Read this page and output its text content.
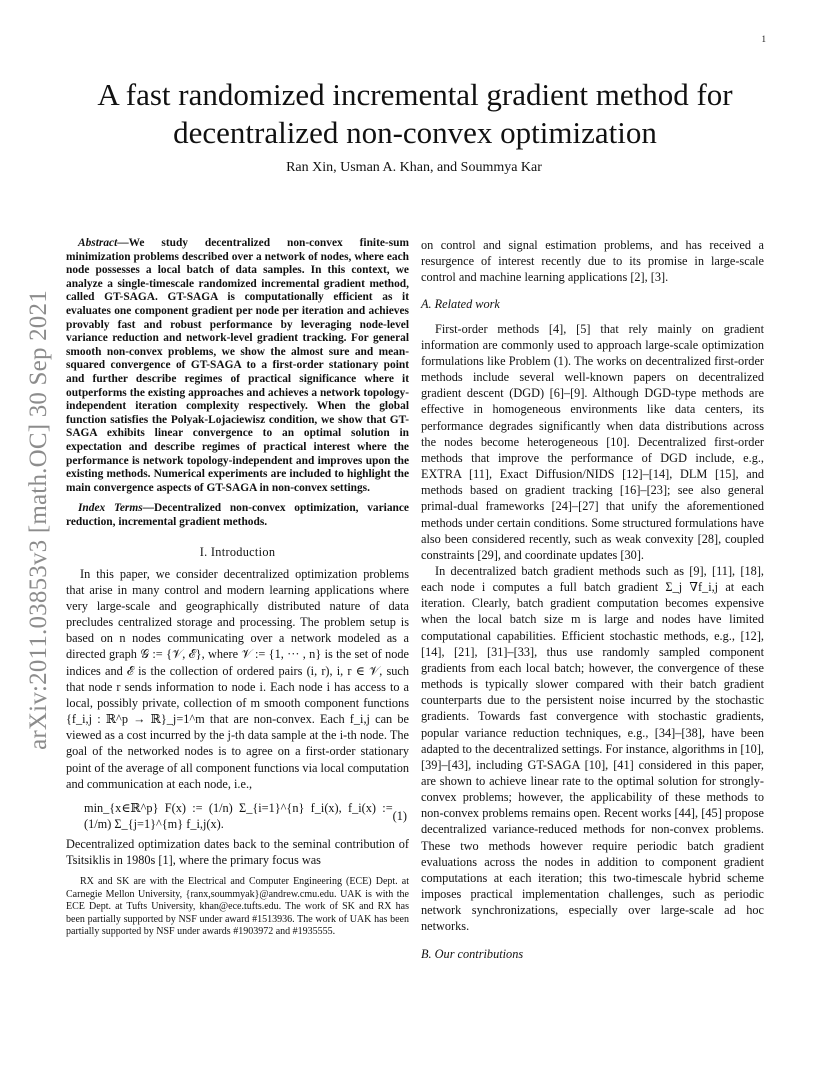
1
arXiv:2011.03853v3 [math.OC] 30 Sep 2021
A fast randomized incremental gradient method for decentralized non-convex optimization
Ran Xin, Usman A. Khan, and Soummya Kar

Abstract—We study decentralized non-convex finite-sum minimization problems described over a network of nodes, where each node possesses a local batch of data samples. In this context, we analyze a single-timescale randomized incremental gradient method, called GT-SAGA. GT-SAGA is computationally efficient as it evaluates one component gradient per node per iteration and achieves provably fast and robust performance by leveraging node-level variance reduction and network-level gradient tracking. For general smooth non-convex problems, we show the almost sure and mean-squared convergence of GT-SAGA to a first-order stationary point and further describe regimes of practical significance where it outperforms the existing approaches and achieves a network topology-independent iteration complexity respectively. When the global function satisfies the Polyak-Lojaciewisz condition, we show that GT-SAGA exhibits linear convergence to an optimal solution in expectation and describe regimes of practical interest where the performance is network topology-independent and improves upon the existing methods. Numerical experiments are included to highlight the main convergence aspects of GT-SAGA in non-convex settings.

Index Terms—Decentralized non-convex optimization, variance reduction, incremental gradient methods.

I. Introduction

In this paper, we consider decentralized optimization problems that arise in many control and modern learning applications where very large-scale and geographically distributed nature of data precludes centralized storage and processing. The problem setup is based on n nodes communicating over a network modeled as a directed graph 𝒢 := {𝒱, ℰ}, where 𝒱 := {1, ··· , n} is the set of node indices and ℰ is the collection of ordered pairs (i, r), i, r ∈ 𝒱, such that node r sends information to node i. Each node i has access to a local, possibly private, collection of m smooth component functions {f_i,j : ℝ^p → ℝ}_j=1^m that are non-convex. Each f_i,j can be viewed as a cost incurred by the j-th data sample at the i-th node. The goal of the networked nodes is to agree on a first-order stationary point of the average of all component functions via local computation and communication at each node, i.e.,

min_{x∈ℝ^p} F(x) := (1/n) Σ_{i=1}^{n} f_i(x), f_i(x) := (1/m) Σ_{j=1}^{m} f_i,j(x).
(1)

Decentralized optimization dates back to the seminal contribution of Tsitsiklis in 1980s [1], where the primary focus was

RX and SK are with the Electrical and Computer Engineering (ECE) Dept. at Carnegie Mellon University, {ranx,soummyak}@andrew.cmu.edu. UAK is with the ECE Dept. at Tufts University, khan@ece.tufts.edu. The work of SK and RX has been partially supported by NSF under award #1513936. The work of UAK has been partially supported by NSF under awards #1903972 and #1935555.

on control and signal estimation problems, and has received a resurgence of interest recently due to its promise in large-scale control and machine learning applications [2], [3].

A. Related work

First-order methods [4], [5] that rely mainly on gradient information are commonly used to approach large-scale optimization formulations like Problem (1). The works on decentralized first-order methods include several well-known papers on decentralized gradient descent (DGD) [6]–[9]. Although DGD-type methods are effective in homogeneous environments like data centers, its performance degrades significantly when data distributions across the nodes become heterogeneous [10]. Decentralized first-order methods that improve the performance of DGD include, e.g., EXTRA [11], Exact Diffusion/NIDS [12]–[14], DLM [15], and methods based on gradient tracking [16]–[23]; see also general primal-dual frameworks [24]–[27] that unify the aforementioned methods under certain conditions. Some structured formulations have also been considered recently, such as weak convexity [28], coupled constraints [29], and coordinate updates [30].

In decentralized batch gradient methods such as [9], [11], [18], each node i computes a full batch gradient Σ_j ∇f_i,j at each iteration. Clearly, batch gradient computation becomes expensive when the local batch size m is large and nodes have limited computational capabilities. Efficient stochastic methods, e.g., [12], [14], [21], [31]–[33], thus use randomly sampled component gradients from each local batch; however, the convergence of these methods is typically slower compared with their batch gradient counterparts due to the persistent noise incurred by the stochastic gradients. Towards fast convergence with stochastic gradients, popular variance reduction techniques, e.g., [34]–[38], have been adapted to the decentralized settings. For instance, algorithms in [10], [39]–[43], including GT-SAGA [10], [41] considered in this paper, are shown to achieve linear rate to the optimal solution for strongly-convex problems; however, the applicability of these methods to non-convex problems remains open. Recent works [44], [45] propose decentralized variance-reduced methods for non-convex problems. These two methods however require periodic batch gradient evaluations across the nodes in addition to component gradient computations at each iteration; this two-timescale hybrid scheme imposes practical implementation challenges, such as periodic network synchronizations, especially over large-scale ad hoc networks.

B. Our contributions
